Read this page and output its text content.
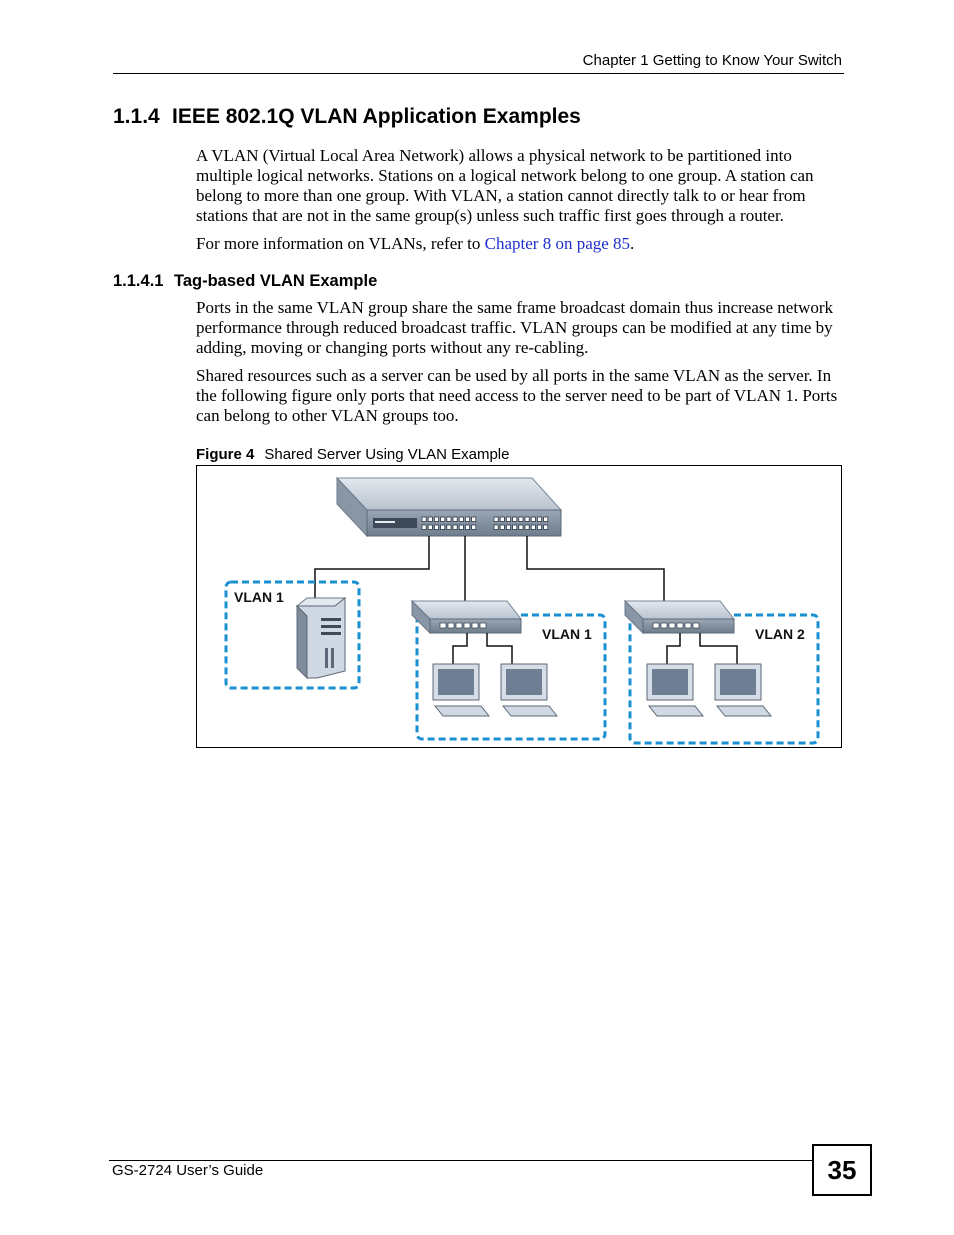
Chapter 1 Getting to Know Your Switch
1.1.4 IEEE 802.1Q VLAN Application Examples
A VLAN (Virtual Local Area Network) allows a physical network to be partitioned into multiple logical networks. Stations on a logical network belong to one group. A station can belong to more than one group. With VLAN, a station cannot directly talk to or hear from stations that are not in the same group(s) unless such traffic first goes through a router.
For more information on VLANs, refer to Chapter 8 on page 85.
1.1.4.1 Tag-based VLAN Example
Ports in the same VLAN group share the same frame broadcast domain thus increase network performance through reduced broadcast traffic. VLAN groups can be modified at any time by adding, moving or changing ports without any re-cabling.
Shared resources such as a server can be used by all ports in the same VLAN as the server. In the following figure only ports that need access to the server need to be part of VLAN 1. Ports can belong to other VLAN groups too.
Figure 4 Shared Server Using VLAN Example
VLAN 1
VLAN 1	VLAN 2
GS-2724 User’s Guide	35
